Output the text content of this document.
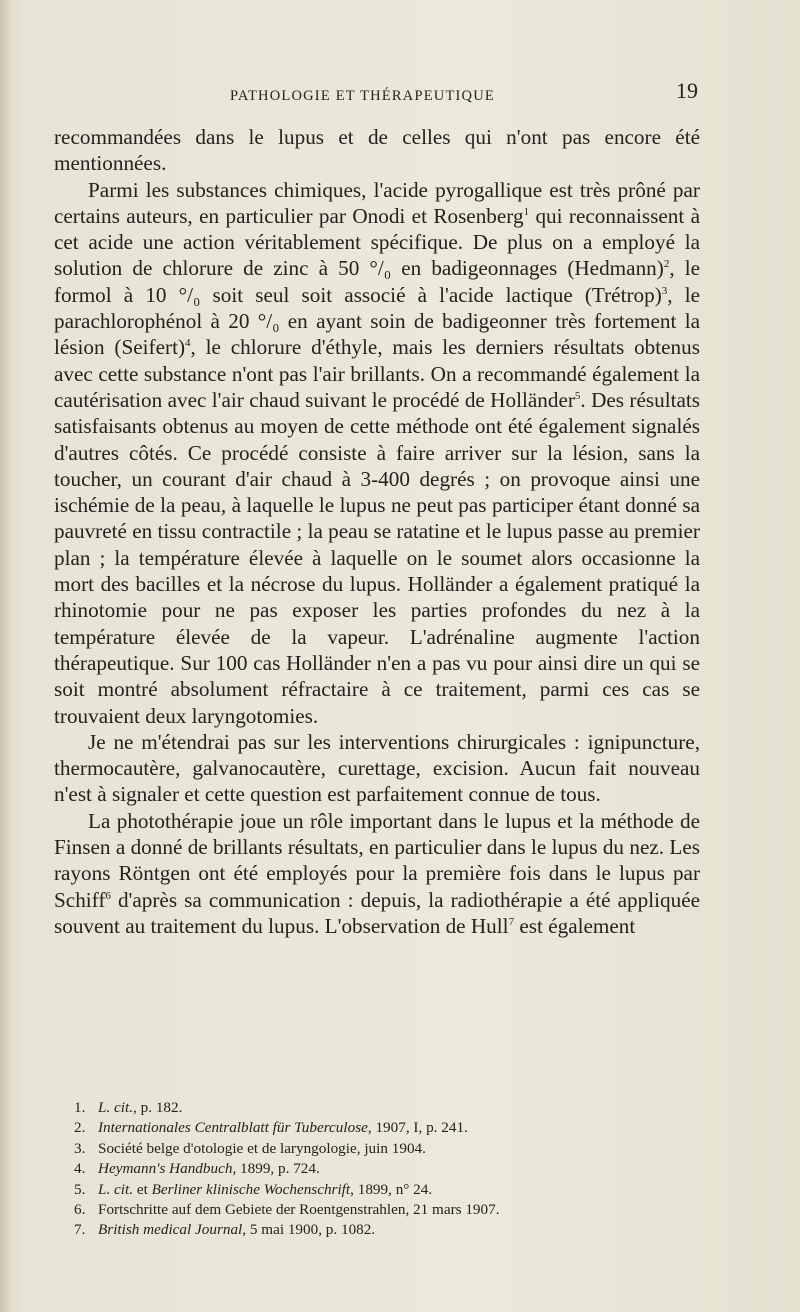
PATHOLOGIE ET THÉRAPEUTIQUE	19

recommandées dans le lupus et de celles qui n'ont pas encore été mentionnées.

Parmi les substances chimiques, l'acide pyrogallique est très prôné par certains auteurs, en particulier par Onodi et Rosenberg$^1$ qui reconnaissent à cet acide une action véritablement spécifique. De plus on a employé la solution de chlorure de zinc à 50 °/₀ en badigeonnages (Hedmann)$^2$, le formol à 10 °/₀ soit seul soit associé à l'acide lactique (Trétrop)$^3$, le parachlorophénol à 20 °/₀ en ayant soin de badigeonner très fortement la lésion (Seifert)$^4$, le chlorure d'éthyle, mais les derniers résultats obtenus avec cette substance n'ont pas l'air brillants. On a recommandé également la cautérisation avec l'air chaud suivant le procédé de Holländer$^5$. Des résultats satisfaisants obtenus au moyen de cette méthode ont été également signalés d'autres côtés. Ce procédé consiste à faire arriver sur la lésion, sans la toucher, un courant d'air chaud à 3-400 degrés ; on provoque ainsi une ischémie de la peau, à laquelle le lupus ne peut pas participer étant donné sa pauvreté en tissu contractile ; la peau se ratatine et le lupus passe au premier plan ; la température élevée à laquelle on le soumet alors occasionne la mort des bacilles et la nécrose du lupus. Holländer a également pratiqué la rhinotomie pour ne pas exposer les parties profondes du nez à la température élevée de la vapeur. L'adrénaline augmente l'action thérapeutique. Sur 100 cas Holländer n'en a pas vu pour ainsi dire un qui se soit montré absolument réfractaire à ce traitement, parmi ces cas se trouvaient deux laryngotomies.

Je ne m'étendrai pas sur les interventions chirurgicales : ignipuncture, thermocautère, galvanocautère, curettage, excision. Aucun fait nouveau n'est à signaler et cette question est parfaitement connue de tous.

La photothérapie joue un rôle important dans le lupus et la méthode de Finsen a donné de brillants résultats, en particulier dans le lupus du nez. Les rayons Röntgen ont été employés pour la première fois dans le lupus par Schiff$^6$ d'après sa communication : depuis, la radiothérapie a été appliquée souvent au traitement du lupus. L'observation de Hull$^7$ est également

1. L. cit., p. 182.
2. Internationales Centralblatt für Tuberculose, 1907, I, p. 241.
3. Société belge d'otologie et de laryngologie, juin 1904.
4. Heymann's Handbuch, 1899, p. 724.
5. L. cit. et Berliner klinische Wochenschrift, 1899, n° 24.
6. Fortschritte auf dem Gebiete der Roentgenstrahlen, 21 mars 1907.
7. British medical Journal, 5 mai 1900, p. 1082.
